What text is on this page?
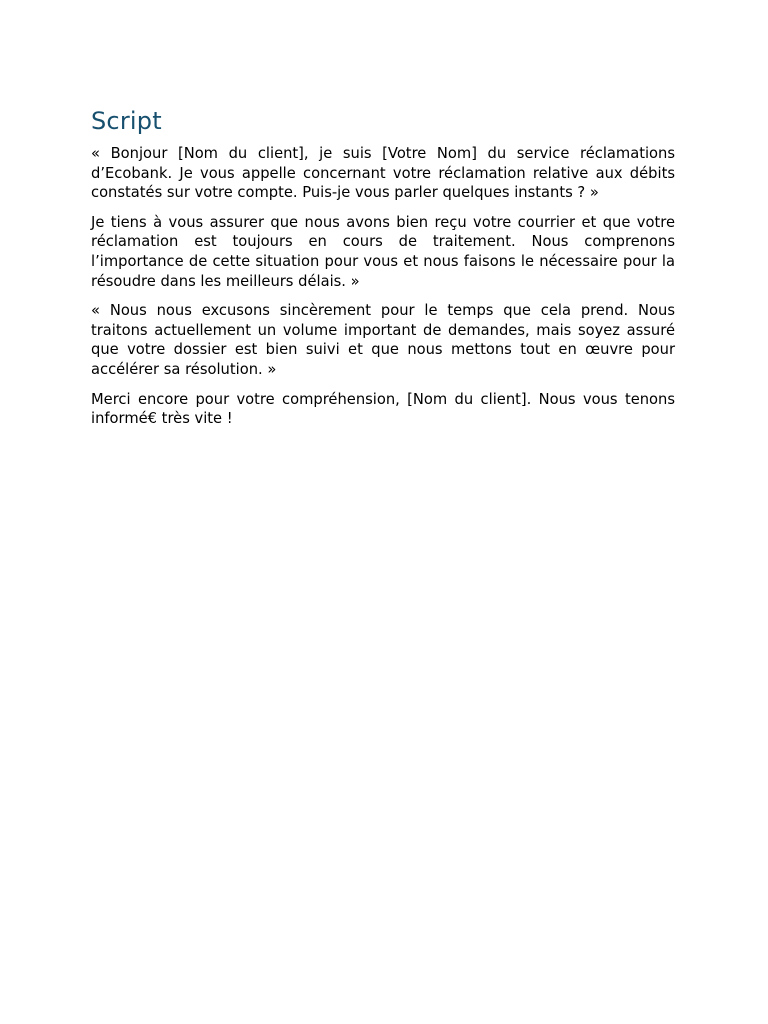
Script

« Bonjour [Nom du client], je suis [Votre Nom] du service réclamations d’Ecobank. Je vous appelle concernant votre réclamation relative aux débits constatés sur votre compte. Puis-je vous parler quelques instants ? »

Je tiens à vous assurer que nous avons bien reçu votre courrier et que votre réclamation est toujours en cours de traitement. Nous comprenons l’importance de cette situation pour vous et nous faisons le nécessaire pour la résoudre dans les meilleurs délais. »

« Nous nous excusons sincèrement pour le temps que cela prend. Nous traitons actuellement un volume important de demandes, mais soyez assuré que votre dossier est bien suivi et que nous mettons tout en œuvre pour accélérer sa résolution. »

Merci encore pour votre compréhension, [Nom du client]. Nous vous tenons informé€ très vite !
